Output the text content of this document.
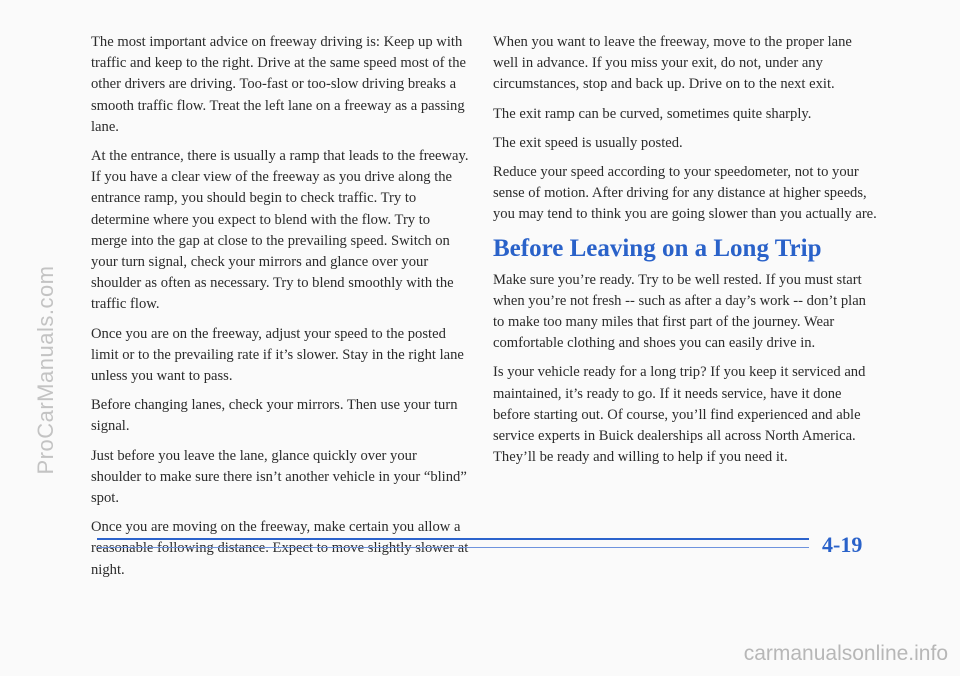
The most important advice on freeway driving is: Keep up with traffic and keep to the right. Drive at the same speed most of the other drivers are driving. Too-fast or too-slow driving breaks a smooth traffic flow. Treat the left lane on a freeway as a passing lane.

At the entrance, there is usually a ramp that leads to the freeway. If you have a clear view of the freeway as you drive along the entrance ramp, you should begin to check traffic. Try to determine where you expect to blend with the flow. Try to merge into the gap at close to the prevailing speed. Switch on your turn signal, check your mirrors and glance over your shoulder as often as necessary. Try to blend smoothly with the traffic flow.

Once you are on the freeway, adjust your speed to the posted limit or to the prevailing rate if it’s slower. Stay in the right lane unless you want to pass.

Before changing lanes, check your mirrors. Then use your turn signal.

Just before you leave the lane, glance quickly over your shoulder to make sure there isn’t another vehicle in your “blind” spot.

Once you are moving on the freeway, make certain you allow a reasonable following distance. Expect to move slightly slower at night.

When you want to leave the freeway, move to the proper lane well in advance. If you miss your exit, do not, under any circumstances, stop and back up. Drive on to the next exit.

The exit ramp can be curved, sometimes quite sharply.

The exit speed is usually posted.

Reduce your speed according to your speedometer, not to your sense of motion. After driving for any distance at higher speeds, you may tend to think you are going slower than you actually are.

Before Leaving on a Long Trip

Make sure you’re ready. Try to be well rested. If you must start when you’re not fresh -- such as after a day’s work -- don’t plan to make too many miles that first part of the journey. Wear comfortable clothing and shoes you can easily drive in.

Is your vehicle ready for a long trip? If you keep it serviced and maintained, it’s ready to go. If it needs service, have it done before starting out. Of course, you’ll find experienced and able service experts in Buick dealerships all across North America. They’ll be ready and willing to help if you need it.

4-19
ProCarManuals.com
carmanualsonline.info
